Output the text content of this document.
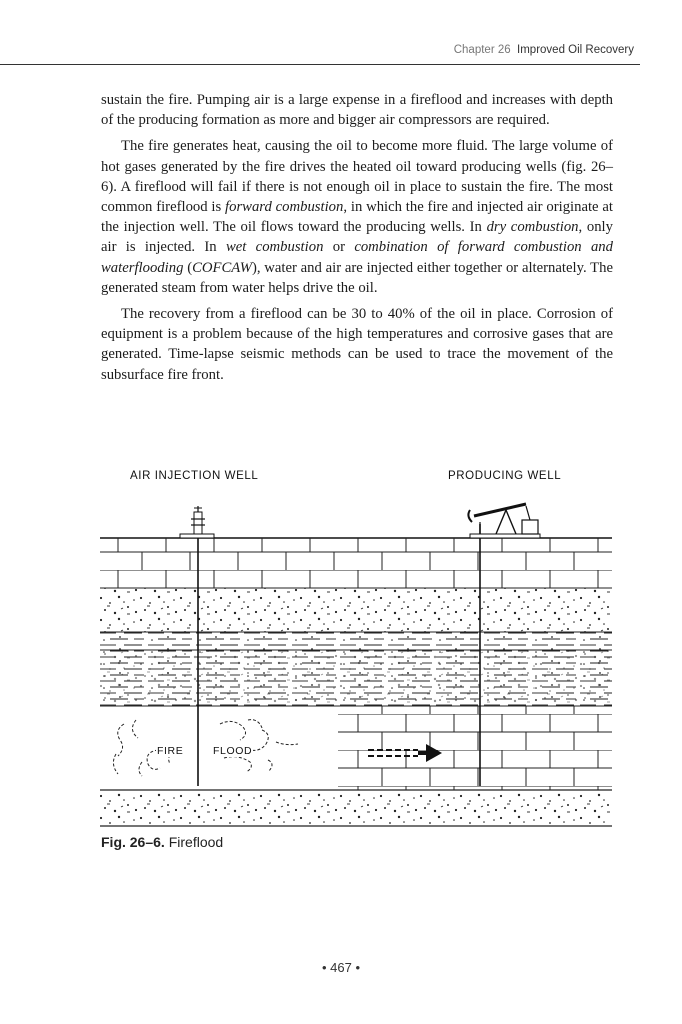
Chapter 26 Improved Oil Recovery

sustain the fire. Pumping air is a large expense in a fireflood and increases with depth of the producing formation as more and bigger air compressors are required.

The fire generates heat, causing the oil to become more fluid. The large volume of hot gases generated by the fire drives the heated oil toward producing wells (fig. 26–6). A fireflood will fail if there is not enough oil in place to sustain the fire. The most common fireflood is forward combustion, in which the fire and injected air originate at the injection well. The oil flows toward the producing wells. In dry combustion, only air is injected. In wet combustion or combination of forward combustion and waterflooding (COFCAW), water and air are injected either together or alternately. The generated steam from water helps drive the oil.

The recovery from a fireflood can be 30 to 40% of the oil in place. Corrosion of equipment is a problem because of the high temperatures and corrosive gases that are generated. Time-lapse seismic methods can be used to trace the movement of the subsurface fire front.

AIR INJECTION WELL	PRODUCING WELL
FIRE	FLOOD
Fig. 26–6. Fireflood
• 467 •
